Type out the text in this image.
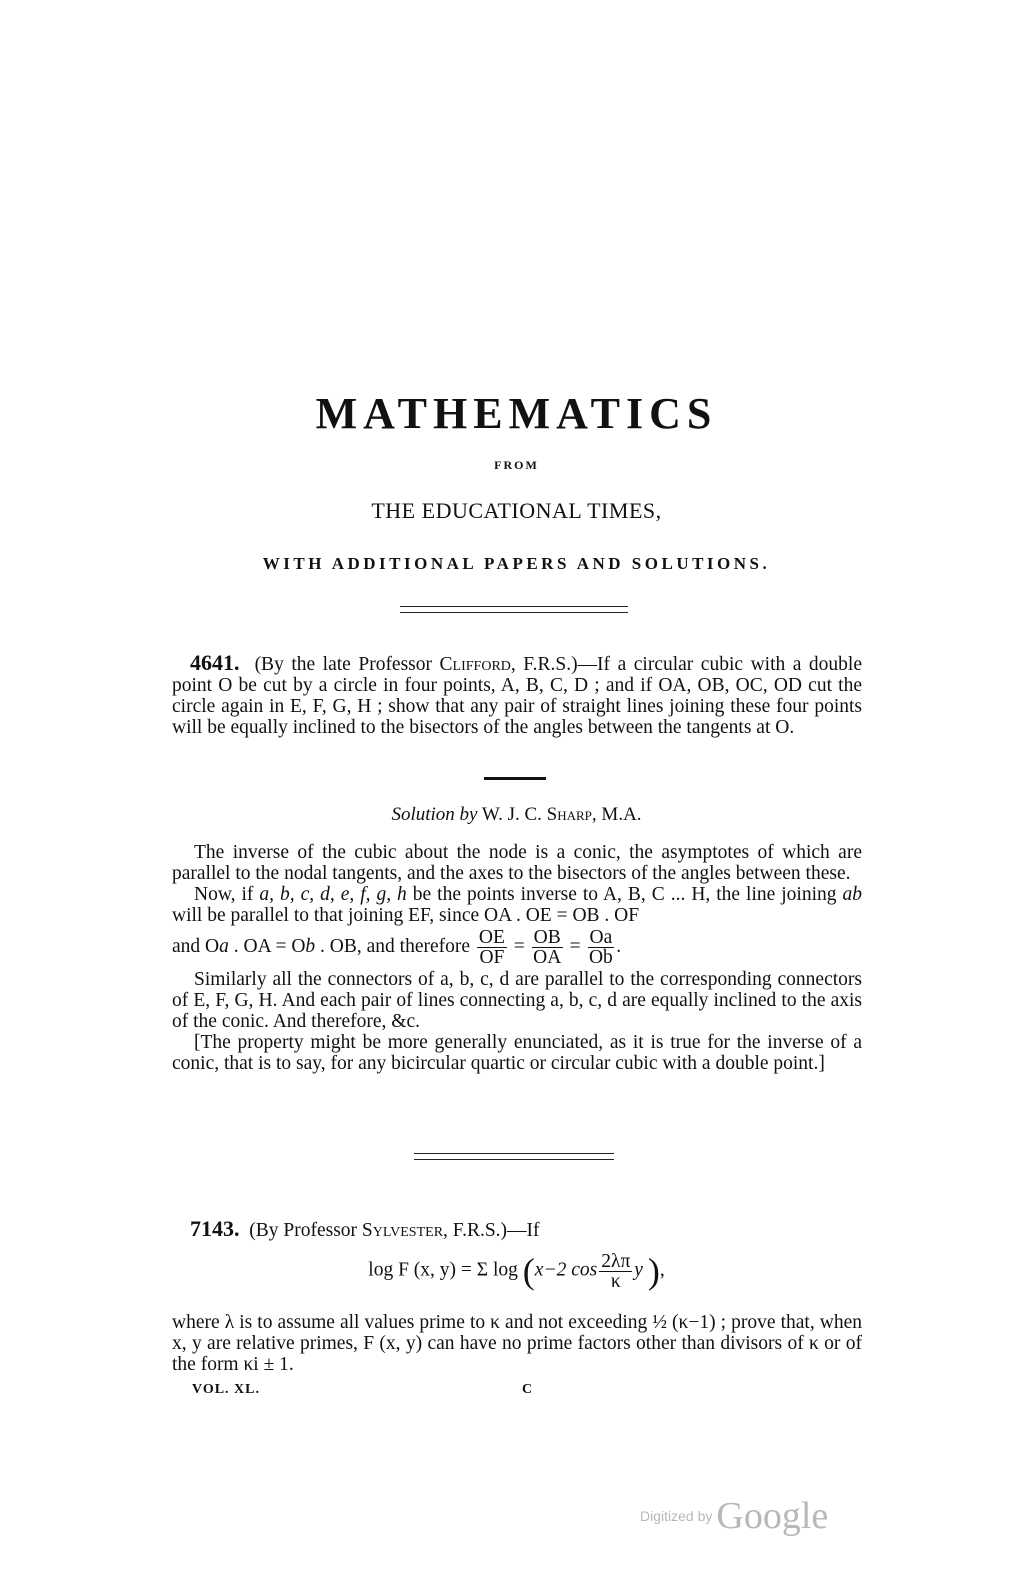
MATHEMATICS
FROM
THE EDUCATIONAL TIMES,
WITH ADDITIONAL PAPERS AND SOLUTIONS.

4641. (By the late Professor Clifford, F.R.S.)—If a circular cubic with a double point O be cut by a circle in four points, A, B, C, D ; and if OA, OB, OC, OD cut the circle again in E, F, G, H ; show that any pair of straight lines joining these four points will be equally inclined to the bisectors of the angles between the tangents at O.

Solution by W. J. C. Sharp, M.A.

The inverse of the cubic about the node is a conic, the asymptotes of which are parallel to the nodal tangents, and the axes to the bisectors of the angles between these.

Now, if a, b, c, d, e, f, g, h be the points inverse to A, B, C ... H, the line joining ab will be parallel to that joining EF, since OA . OE = OB . OF

and Oa . OA = Ob . OB, and therefore $\frac{OE}{OF} = \frac{OB}{OA} = \frac{Oa}{Ob}$ .

Similarly all the connectors of a, b, c, d are parallel to the corresponding connectors of E, F, G, H. And each pair of lines connecting a, b, c, d are equally inclined to the axis of the conic. And therefore, &c.

[The property might be more generally enunciated, as it is true for the inverse of a conic, that is to say, for any bicircular quartic or circular cubic with a double point.]

7143. (By Professor Sylvester, F.R.S.)—If

log F (x, y) = Σ log (x−2 $\cos \frac{2\lambda\pi}{\kappa}$ y ),
where λ is to assume all values prime to κ and not exceeding ½ (κ−1) ; prove that, when x, y are relative primes, F (x, y) can have no prime factors other than divisors of κ or of the form κi ± 1.
VOL. XL.	C
Digitized by Google
